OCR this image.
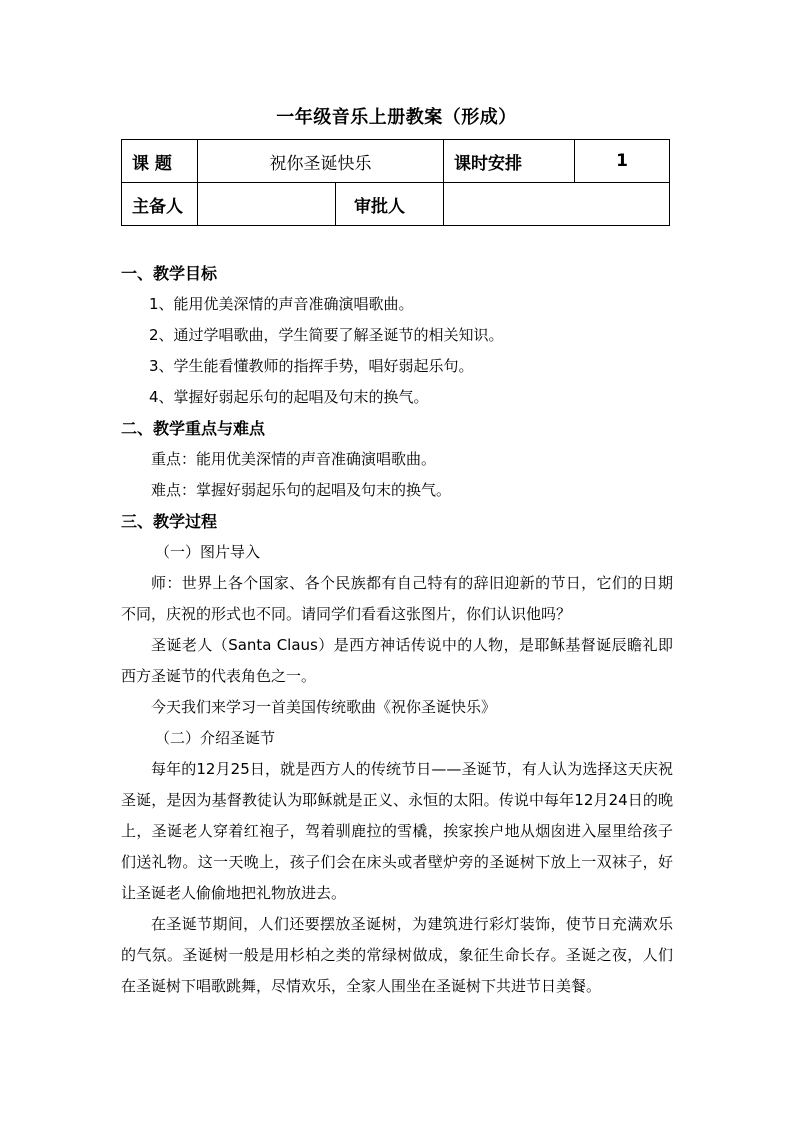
一年级音乐上册教案（形成）
课 题	祝你圣诞快乐		课时安排	1
主备人		审批人		
一、教学目标
1、能用优美深情的声音准确演唱歌曲。
2、通过学唱歌曲，学生简要了解圣诞节的相关知识。
3、学生能看懂教师的指挥手势，唱好弱起乐句。
4、掌握好弱起乐句的起唱及句末的换气。
二、教学重点与难点
重点：能用优美深情的声音准确演唱歌曲。
难点：掌握好弱起乐句的起唱及句末的换气。
三、教学过程
（一）图片导入
师：世界上各个国家、各个民族都有自己特有的辞旧迎新的节日，它们的日期不同，庆祝的形式也不同。请同学们看看这张图片，你们认识他吗？
圣诞老人（Santa Claus）是西方神话传说中的人物，是耶稣基督诞辰瞻礼即西方圣诞节的代表角色之一。
今天我们来学习一首美国传统歌曲《祝你圣诞快乐》
（二）介绍圣诞节
每年的12月25日，就是西方人的传统节日——圣诞节，有人认为选择这天庆祝圣诞，是因为基督教徒认为耶稣就是正义、永恒的太阳。传说中每年12月24日的晚上，圣诞老人穿着红袍子，驾着驯鹿拉的雪橇，挨家挨户地从烟囱进入屋里给孩子们送礼物。这一天晚上，孩子们会在床头或者壁炉旁的圣诞树下放上一双袜子，好让圣诞老人偷偷地把礼物放进去。
在圣诞节期间，人们还要摆放圣诞树，为建筑进行彩灯装饰，使节日充满欢乐的气氛。圣诞树一般是用杉柏之类的常绿树做成，象征生命长存。圣诞之夜，人们在圣诞树下唱歌跳舞，尽情欢乐，全家人围坐在圣诞树下共进节日美餐。
